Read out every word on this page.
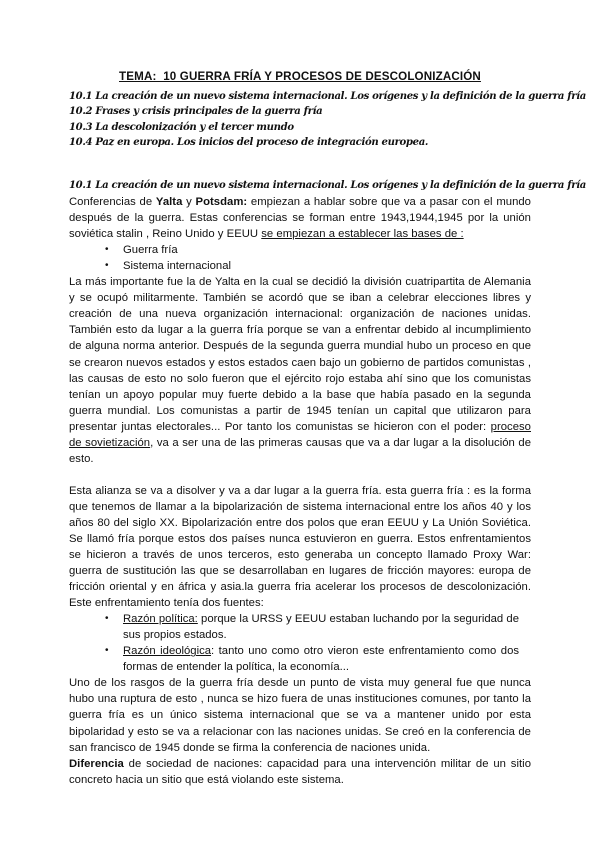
TEMA:  10 GUERRA FRÍA Y PROCESOS DE DESCOLONIZACIÓN

10.1 La creación de un nuevo sistema internacional. Los orígenes y la definición de la guerra fría

10.2 Frases y crisis principales de la guerra fría

10.3 La descolonización y el tercer mundo

10.4 Paz en europa. Los inicios del proceso de integración europea.

10.1 La creación de un nuevo sistema internacional. Los orígenes y la definición de la guerra fría

Conferencias de Yalta y Potsdam: empiezan a hablar sobre que va a pasar con el mundo después de la guerra. Estas conferencias se forman entre 1943,1944,1945 por la unión soviética stalin , Reino Unido y EEUU se empiezan a establecer las bases de :

• Guerra fría
• Sistema internacional

La más importante fue la de Yalta en la cual se decidió la división cuatripartita de Alemania y se ocupó militarmente. También se acordó que se iban a celebrar elecciones libres y creación de una nueva organización internacional: organización de naciones unidas. También esto da lugar a la guerra fría porque se van a enfrentar debido al incumplimiento de alguna norma anterior. Después de la segunda guerra mundial hubo un proceso en que se crearon nuevos estados y estos estados caen bajo un gobierno de partidos comunistas , las causas de esto no solo fueron que el ejército rojo estaba ahí sino que los comunistas tenían un apoyo popular muy fuerte debido a la base que había pasado en la segunda guerra mundial. Los comunistas a partir de 1945 tenían un capital que utilizaron para presentar juntas electorales... Por tanto los comunistas se hicieron con el poder: proceso de sovietización, va a ser una de las primeras causas que va a dar lugar a la disolución de esto.

Esta alianza se va a disolver y va a dar lugar a la guerra fría. esta guerra fría : es la forma que tenemos de llamar a la bipolarización de sistema internacional entre los años 40 y los años 80 del siglo XX. Bipolarización entre dos polos que eran EEUU y La Unión Soviética. Se llamó fría porque estos dos países nunca estuvieron en guerra. Estos enfrentamientos se hicieron a través de unos terceros, esto generaba un concepto llamado Proxy War: guerra de sustitución las que se desarrollaban en lugares de fricción mayores: europa de fricción oriental y en áfrica y asia.la guerra fria acelerar los procesos de descolonización. Este enfrentamiento tenía dos fuentes:

• Razón política: porque la URSS y EEUU estaban luchando por la seguridad de sus propios estados.
• Razón ideológica: tanto uno como otro vieron este enfrentamiento como dos formas de entender la política, la economía...

Uno de los rasgos de la guerra fría desde un punto de vista muy general fue que nunca hubo una ruptura de esto , nunca se hizo fuera de unas instituciones comunes, por tanto la guerra fría es un único sistema internacional que se va a mantener unido por esta bipolaridad y esto se va a relacionar con las naciones unidas. Se creó en la conferencia de san francisco de 1945 donde se firma la conferencia de naciones unida.

Diferencia de sociedad de naciones: capacidad para una intervención militar de un sitio concreto hacia un sitio que está violando este sistema.
